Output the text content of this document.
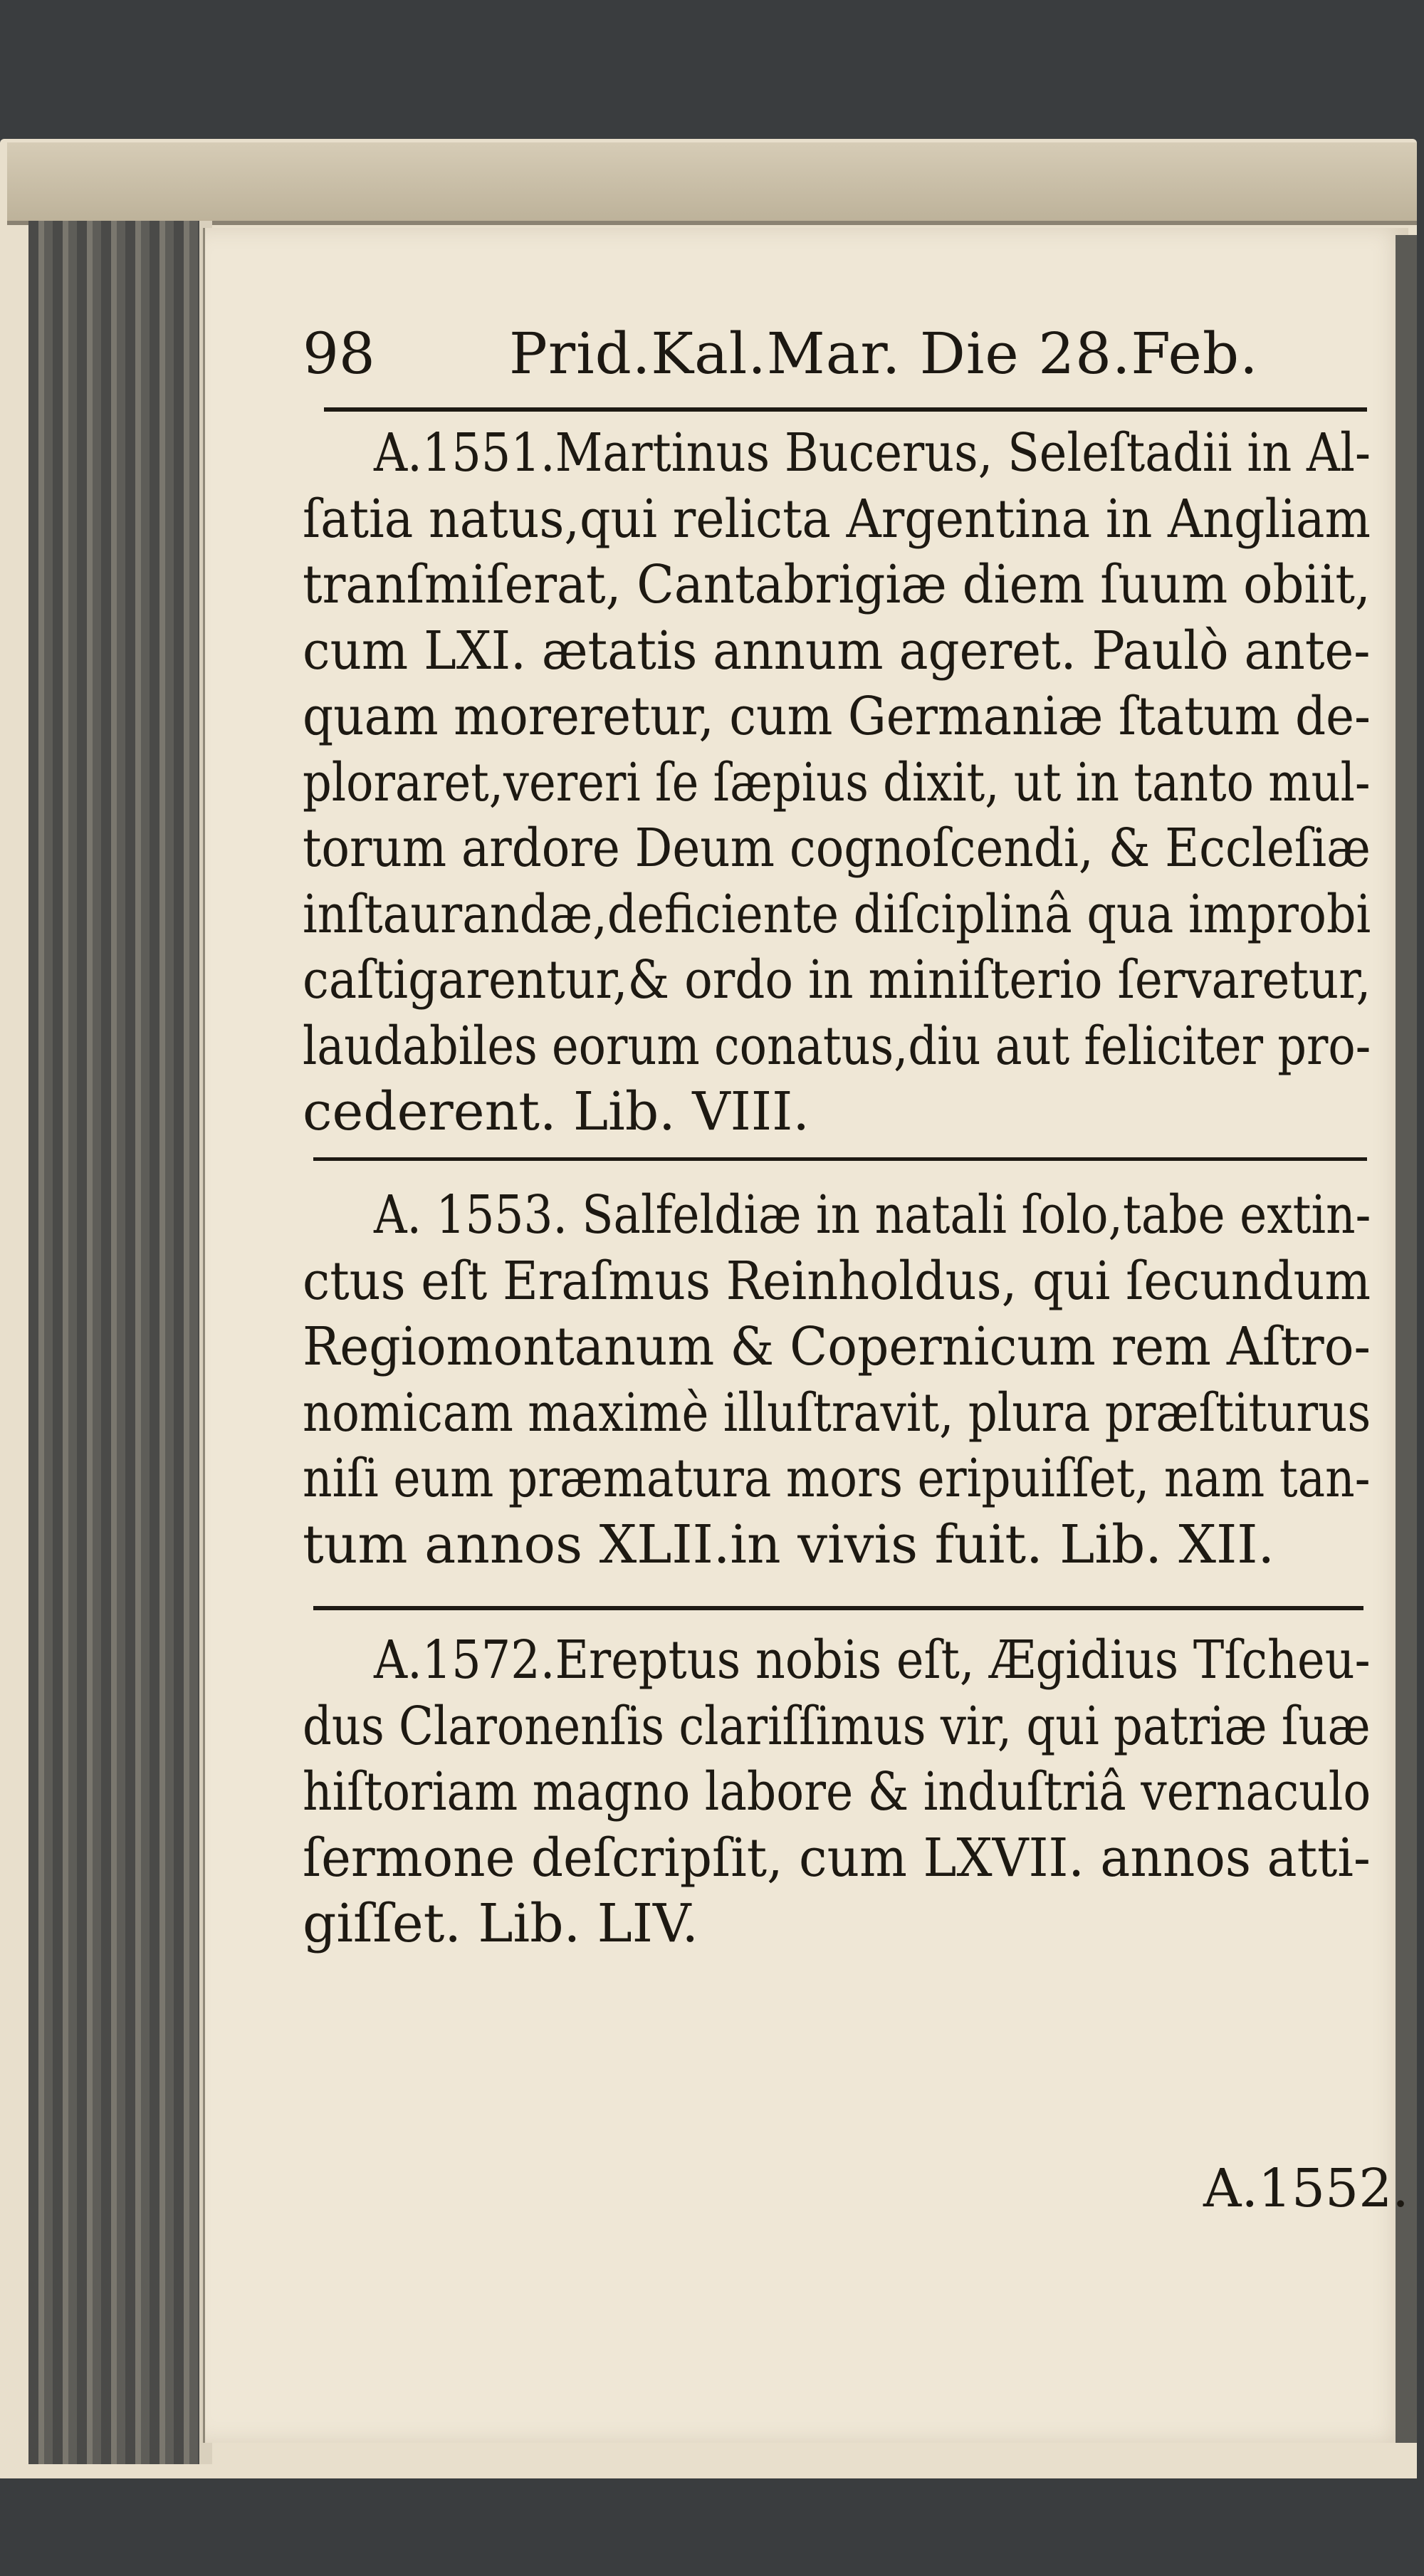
98 Prid.Kal.Mar. Die 28.Feb.
A.1551.Martinus Bucerus, Seleſtadii in Al-
ſatia natus,qui relicta Argentina in Angliam
tranſmiſerat, Cantabrigiæ diem ſuum obiit,
cum LXI. ætatis annum ageret. Paulò ante-
quam moreretur, cum Germaniæ ſtatum de-
ploraret,vereri ſe ſæpius dixit, ut in tanto mul-
torum ardore Deum cognoſcendi, & Eccleſiæ
inſtaurandæ,deficiente diſciplinâ qua improbi
caſtigarentur,& ordo in miniſterio ſervaretur,
laudabiles eorum conatus,diu aut feliciter pro-
cederent. Lib. VIII.
A. 1553. Salfeldiæ in natali ſolo,tabe extin-
ctus eſt Eraſmus Reinholdus, qui ſecundum
Regiomontanum & Copernicum rem Aſtro-
nomicam maximè illuſtravit, plura præſtiturus
niſi eum præmatura mors eripuiſſet, nam tan-
tum annos XLII.in vivis fuit. Lib. XII.
A.1572.Ereptus nobis eſt, Ægidius Tſcheu-
dus Claronenſis clariſſimus vir, qui patriæ ſuæ
hiſtoriam magno labore & induſtriâ vernaculo
ſermone deſcripſit, cum LXVII. annos atti-
giſſet. Lib. LIV.
A.1552.
